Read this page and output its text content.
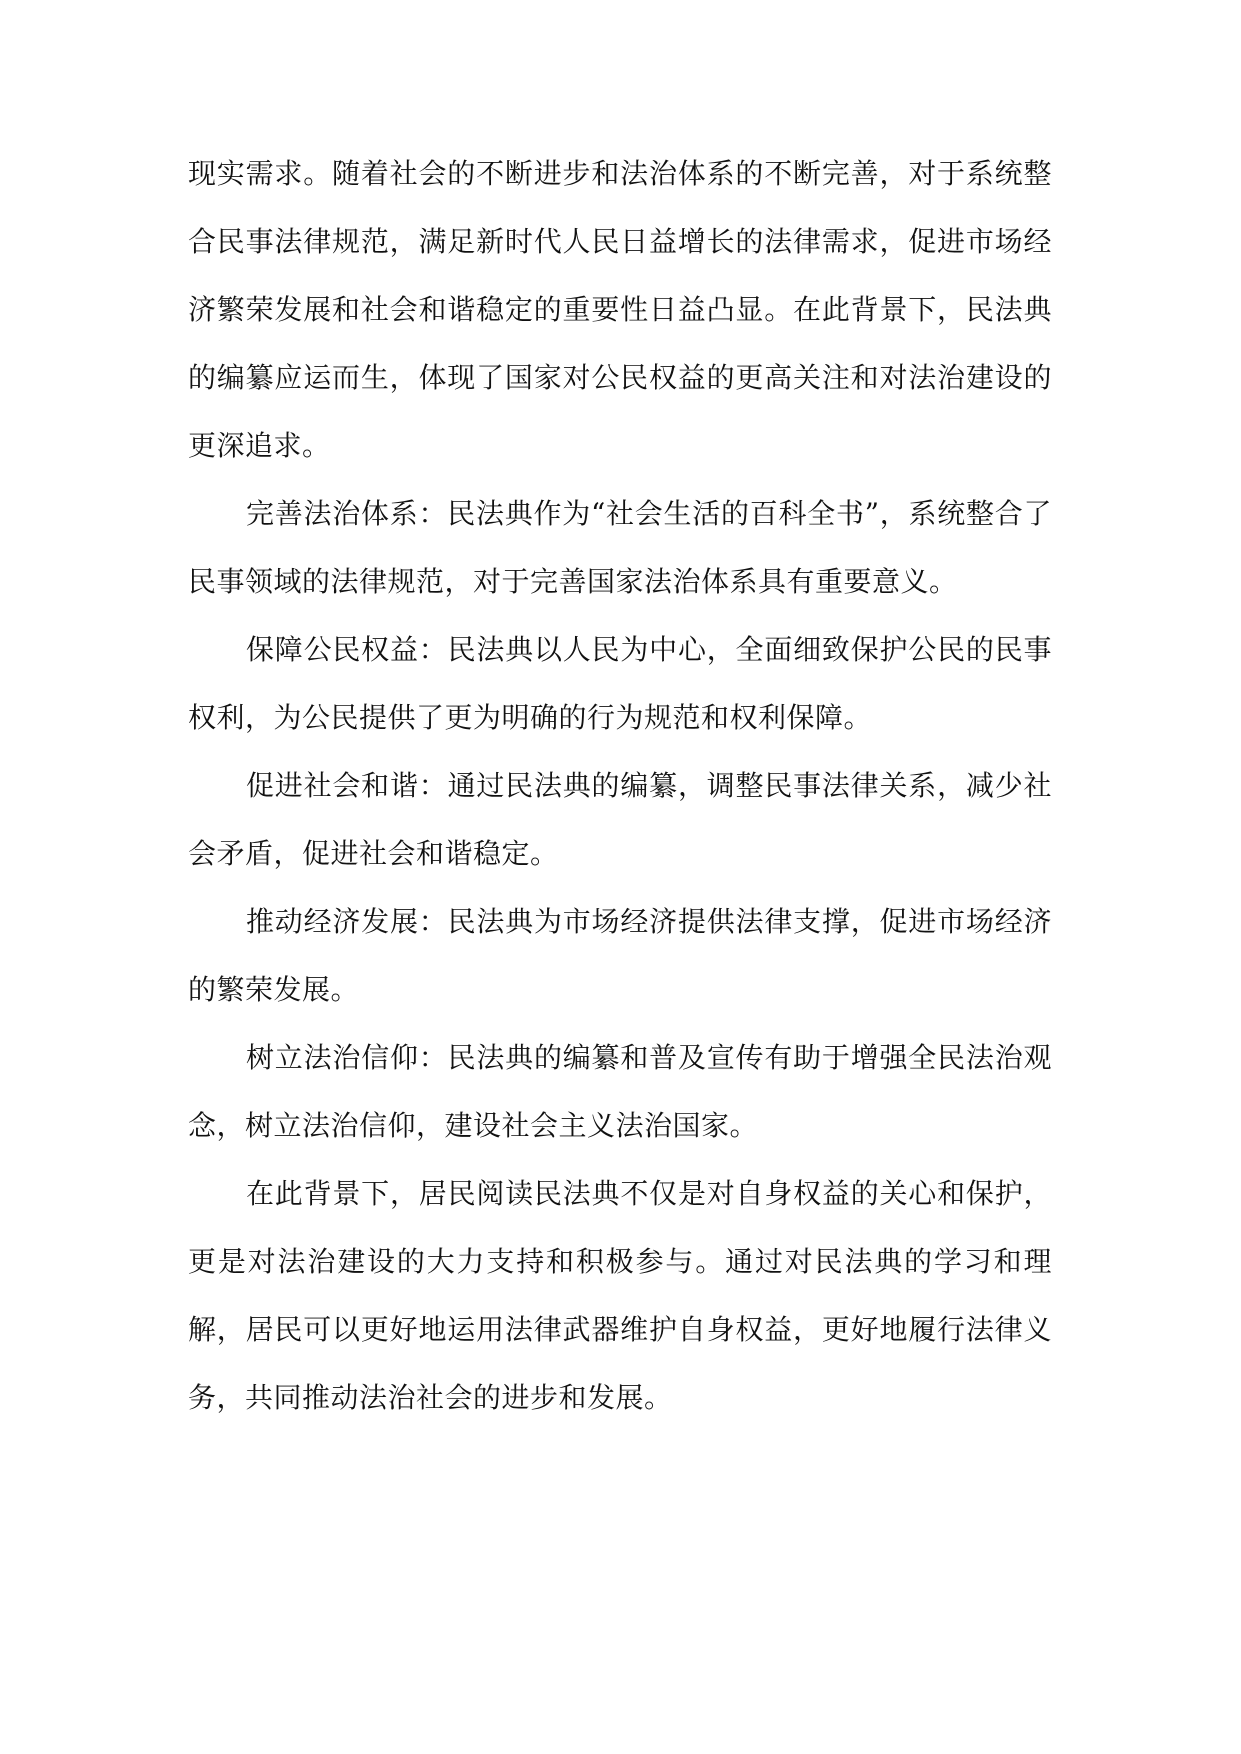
现实需求。随着社会的不断进步和法治体系的不断完善，对于系统整合民事法律规范，满足新时代人民日益增长的法律需求，促进市场经济繁荣发展和社会和谐稳定的重要性日益凸显。在此背景下，民法典的编纂应运而生，体现了国家对公民权益的更高关注和对法治建设的更深追求。

完善法治体系：民法典作为“社会生活的百科全书”，系统整合了民事领域的法律规范，对于完善国家法治体系具有重要意义。

保障公民权益：民法典以人民为中心，全面细致保护公民的民事权利，为公民提供了更为明确的行为规范和权利保障。

促进社会和谐：通过民法典的编纂，调整民事法律关系，减少社会矛盾，促进社会和谐稳定。

推动经济发展：民法典为市场经济提供法律支撑，促进市场经济的繁荣发展。

树立法治信仰：民法典的编纂和普及宣传有助于增强全民法治观念，树立法治信仰，建设社会主义法治国家。

在此背景下，居民阅读民法典不仅是对自身权益的关心和保护，更是对法治建设的大力支持和积极参与。通过对民法典的学习和理解，居民可以更好地运用法律武器维护自身权益，更好地履行法律义务，共同推动法治社会的进步和发展。
